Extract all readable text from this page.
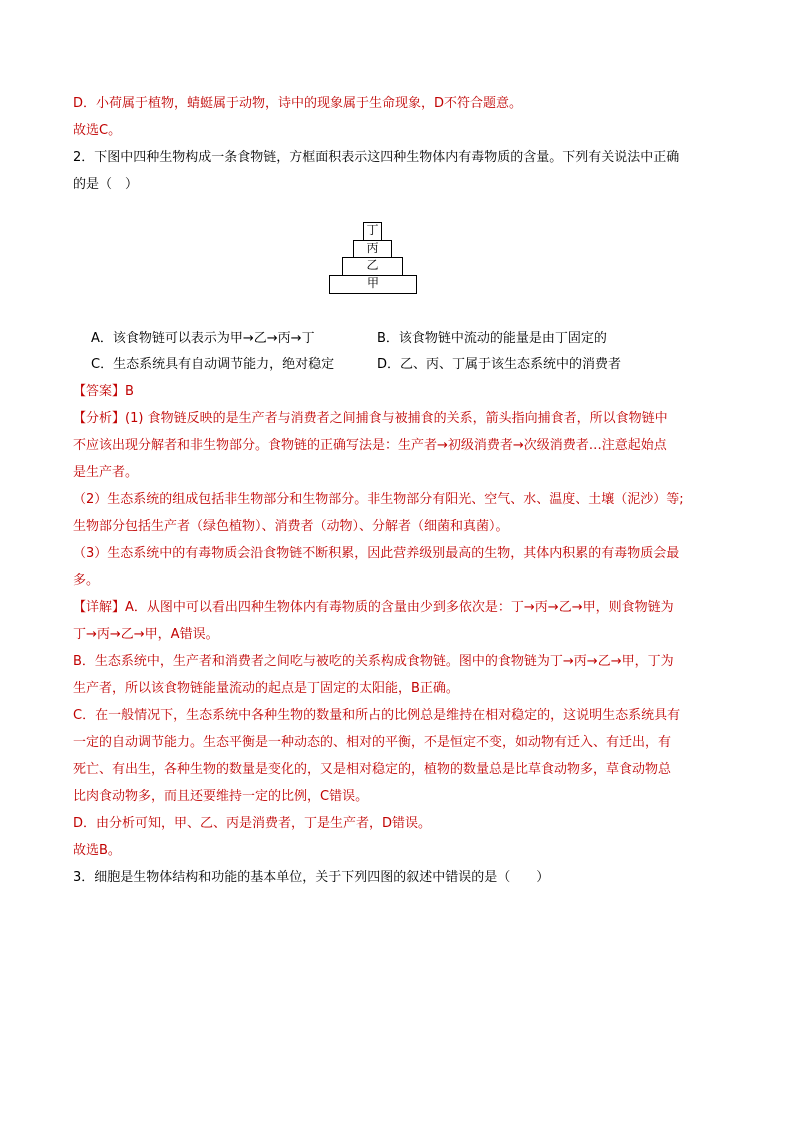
D．小荷属于植物，蜻蜓属于动物，诗中的现象属于生命现象，D不符合题意。
故选C。
2．下图中四种生物构成一条食物链，方框面积表示这四种生物体内有毒物质的含量。下列有关说法中正确
的是（　）
丁
丙
乙
甲
A．该食物链可以表示为甲→乙→丙→丁	B．该食物链中流动的能量是由丁固定的
C．生态系统具有自动调节能力，绝对稳定	D．乙、丙、丁属于该生态系统中的消费者
【答案】B
【分析】(1) 食物链反映的是生产者与消费者之间捕食与被捕食的关系，箭头指向捕食者，所以食物链中
不应该出现分解者和非生物部分。食物链的正确写法是：生产者→初级消费者→次级消费者…注意起始点
是生产者。
（2）生态系统的组成包括非生物部分和生物部分。非生物部分有阳光、空气、水、温度、土壤（泥沙）等;
生物部分包括生产者（绿色植物）、消费者（动物）、分解者（细菌和真菌）。
（3）生态系统中的有毒物质会沿食物链不断积累，因此营养级别最高的生物，其体内积累的有毒物质会最
多。
【详解】A．从图中可以看出四种生物体内有毒物质的含量由少到多依次是：丁→丙→乙→甲，则食物链为
丁→丙→乙→甲，A错误。
B．生态系统中，生产者和消费者之间吃与被吃的关系构成食物链。图中的食物链为丁→丙→乙→甲，丁为
生产者，所以该食物链能量流动的起点是丁固定的太阳能，B正确。
C．在一般情况下，生态系统中各种生物的数量和所占的比例总是维持在相对稳定的，这说明生态系统具有
一定的自动调节能力。生态平衡是一种动态的、相对的平衡，不是恒定不变，如动物有迁入、有迁出，有
死亡、有出生，各种生物的数量是变化的，又是相对稳定的，植物的数量总是比草食动物多，草食动物总
比肉食动物多，而且还要维持一定的比例，C错误。
D．由分析可知，甲、乙、丙是消费者，丁是生产者，D错误。
故选B。
3．细胞是生物体结构和功能的基本单位，关于下列四图的叙述中错误的是（　　）
